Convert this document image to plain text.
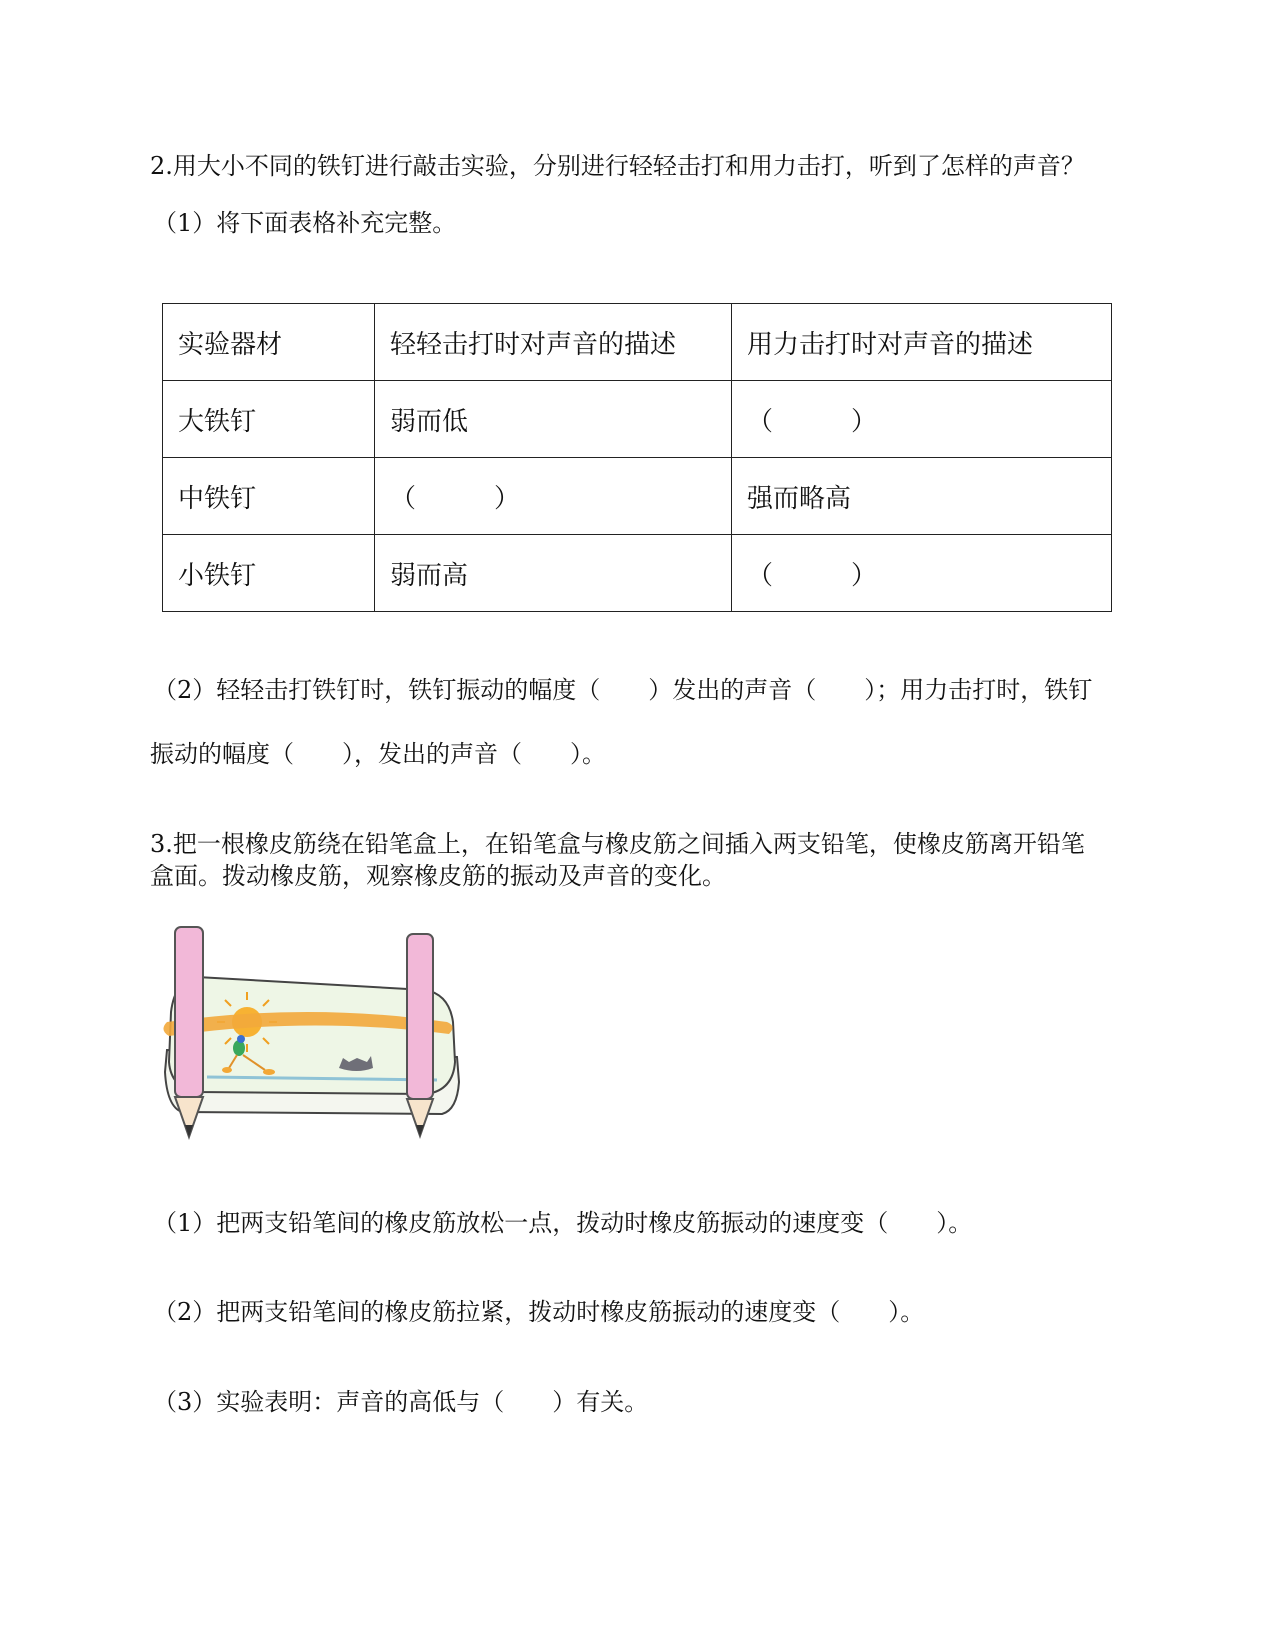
2.用大小不同的铁钉进行敲击实验，分别进行轻轻击打和用力击打，听到了怎样的声音？
（1）将下面表格补充完整。
实验器材	轻轻击打时对声音的描述	用力击打时对声音的描述
大铁钉	弱而低	（　　　）
中铁钉	（　　　）	强而略高
小铁钉	弱而高	（　　　）
（2）轻轻击打铁钉时，铁钉振动的幅度（　　）发出的声音（　　）；用力击打时，铁钉
振动的幅度（　　），发出的声音（　　）。
3.把一根橡皮筋绕在铅笔盒上，在铅笔盒与橡皮筋之间插入两支铅笔，使橡皮筋离开铅笔
盒面。拨动橡皮筋，观察橡皮筋的振动及声音的变化。
（1）把两支铅笔间的橡皮筋放松一点，拨动时橡皮筋振动的速度变（　　）。
（2）把两支铅笔间的橡皮筋拉紧，拨动时橡皮筋振动的速度变（　　）。
（3）实验表明：声音的高低与（　　）有关。
